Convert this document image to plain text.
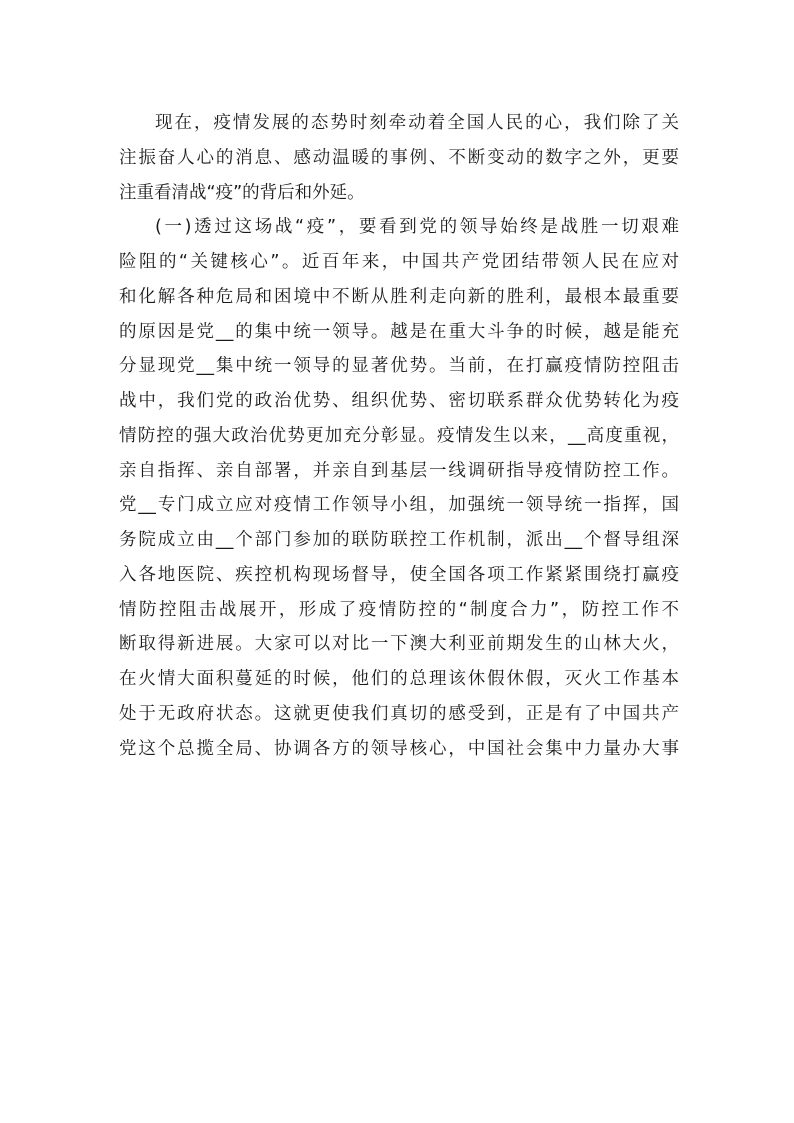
现在，疫情发展的态势时刻牵动着全国人民的心，我们除了关
注振奋人心的消息、感动温暖的事例、不断变动的数字之外，更要
注重看清战“疫”的背后和外延。
(一)透过这场战“疫”，要看到党的领导始终是战胜一切艰难
险阻的“关键核心”。近百年来，中国共产党团结带领人民在应对
和化解各种危局和困境中不断从胜利走向新的胜利，最根本最重要
的原因是党__的集中统一领导。越是在重大斗争的时候，越是能充
分显现党__集中统一领导的显著优势。当前，在打赢疫情防控阻击
战中，我们党的政治优势、组织优势、密切联系群众优势转化为疫
情防控的强大政治优势更加充分彰显。疫情发生以来，__高度重视，
亲自指挥、亲自部署，并亲自到基层一线调研指导疫情防控工作。
党__专门成立应对疫情工作领导小组，加强统一领导统一指挥，国
务院成立由__个部门参加的联防联控工作机制，派出__个督导组深
入各地医院、疾控机构现场督导，使全国各项工作紧紧围绕打赢疫
情防控阻击战展开，形成了疫情防控的“制度合力”，防控工作不
断取得新进展。大家可以对比一下澳大利亚前期发生的山林大火，
在火情大面积蔓延的时候，他们的总理该休假休假，灭火工作基本
处于无政府状态。这就更使我们真切的感受到，正是有了中国共产
党这个总揽全局、协调各方的领导核心，中国社会集中力量办大事
